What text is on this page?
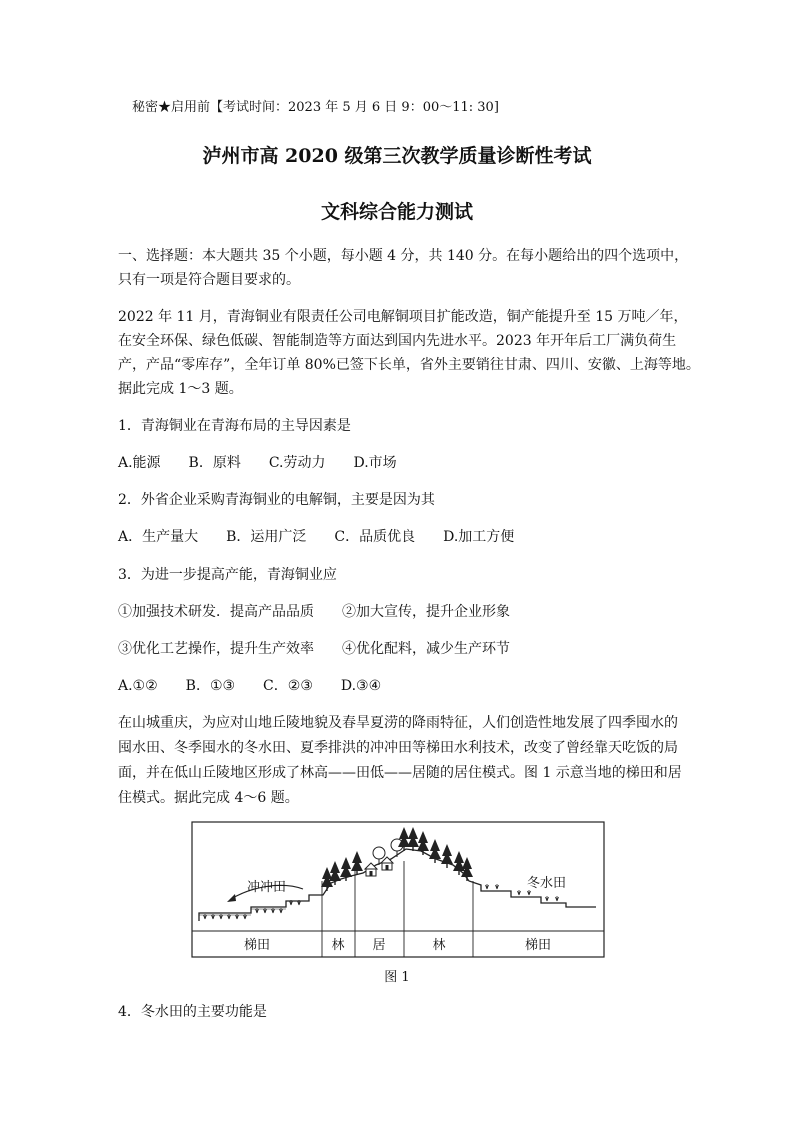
秘密★启用前【考试时间：2023 年 5 月 6 日 9：00～11: 30]

泸州市高 2020 级第三次教学质量诊断性考试

文科综合能力测试

一、选择题：本大题共 35 个小题，每小题 4 分，共 140 分。在每小题给出的四个选项中，

只有一项是符合题目要求的。

2022 年 11 月，青海铜业有限责任公司电解铜项目扩能改造，铜产能提升至 15 万吨／年，

在安全环保、绿色低碳、智能制造等方面达到国内先进水平。2023 年开年后工厂满负荷生

产，产品“零库存”，全年订单 80%已签下长单，省外主要销往甘肃、四川、安徽、上海等地。

据此完成 1～3 题。

1．青海铜业在青海布局的主导因素是

A.能源　　B．原料　　C.劳动力　　D.市场

2．外省企业采购青海铜业的电解铜，主要是因为其

A．生产量大　　B．运用广泛　　C．品质优良　　D.加工方便

3．为进一步提高产能，青海铜业应

①加强技术研发．提高产品品质　　②加大宣传，提升企业形象

③优化工艺操作，提升生产效率　　④优化配料，减少生产环节

A.①②　　B．①③　　C．②③　　D.③④

在山城重庆，为应对山地丘陵地貌及春旱夏涝的降雨特征，人们创造性地发展了四季囤水的

囤水田、冬季囤水的冬水田、夏季排洪的冲冲田等梯田水利技术，改变了曾经靠天吃饭的局

面，并在低山丘陵地区形成了林高——田低——居随的居住模式。图 1 示意当地的梯田和居

住模式。据此完成 4～6 题。

冲冲田	冬水田
梯田	林 居	林	梯田

图 1

4．冬水田的主要功能是
